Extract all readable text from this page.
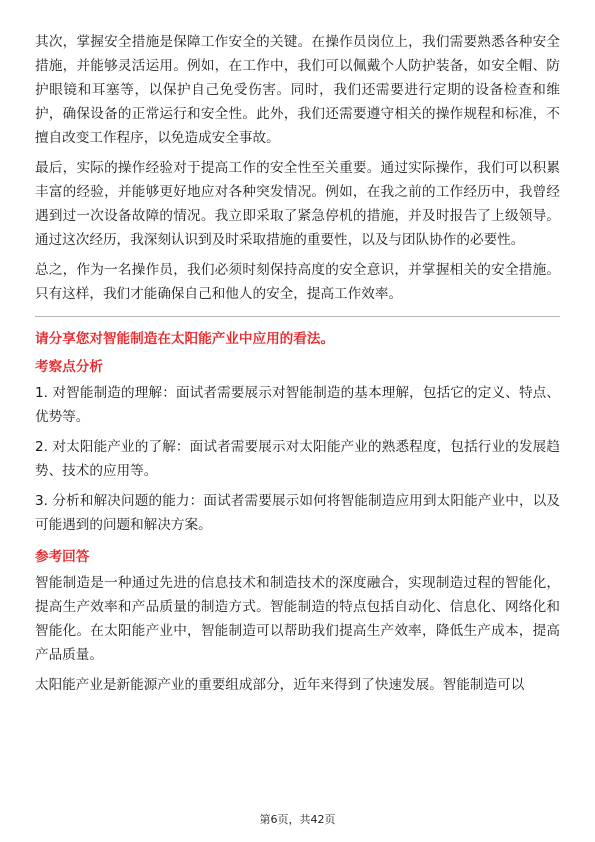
其次，掌握安全措施是保障工作安全的关键。在操作员岗位上，我们需要熟悉各种安全措施，并能够灵活运用。例如，在工作中，我们可以佩戴个人防护装备，如安全帽、防护眼镜和耳塞等，以保护自己免受伤害。同时，我们还需要进行定期的设备检查和维护，确保设备的正常运行和安全性。此外，我们还需要遵守相关的操作规程和标准，不擅自改变工作程序，以免造成安全事故。

最后，实际的操作经验对于提高工作的安全性至关重要。通过实际操作，我们可以积累丰富的经验，并能够更好地应对各种突发情况。例如，在我之前的工作经历中，我曾经遇到过一次设备故障的情况。我立即采取了紧急停机的措施，并及时报告了上级领导。通过这次经历，我深刻认识到及时采取措施的重要性，以及与团队协作的必要性。

总之，作为一名操作员，我们必须时刻保持高度的安全意识，并掌握相关的安全措施。只有这样，我们才能确保自己和他人的安全，提高工作效率。

请分享您对智能制造在太阳能产业中应用的看法。
考察点分析

1. 对智能制造的理解：面试者需要展示对智能制造的基本理解，包括它的定义、特点、优势等。

2. 对太阳能产业的了解：面试者需要展示对太阳能产业的熟悉程度，包括行业的发展趋势、技术的应用等。

3. 分析和解决问题的能力：面试者需要展示如何将智能制造应用到太阳能产业中，以及可能遇到的问题和解决方案。

参考回答

智能制造是一种通过先进的信息技术和制造技术的深度融合，实现制造过程的智能化，提高生产效率和产品质量的制造方式。智能制造的特点包括自动化、信息化、网络化和智能化。在太阳能产业中，智能制造可以帮助我们提高生产效率，降低生产成本，提高产品质量。

太阳能产业是新能源产业的重要组成部分，近年来得到了快速发展。智能制造可以

第6页，共42页
